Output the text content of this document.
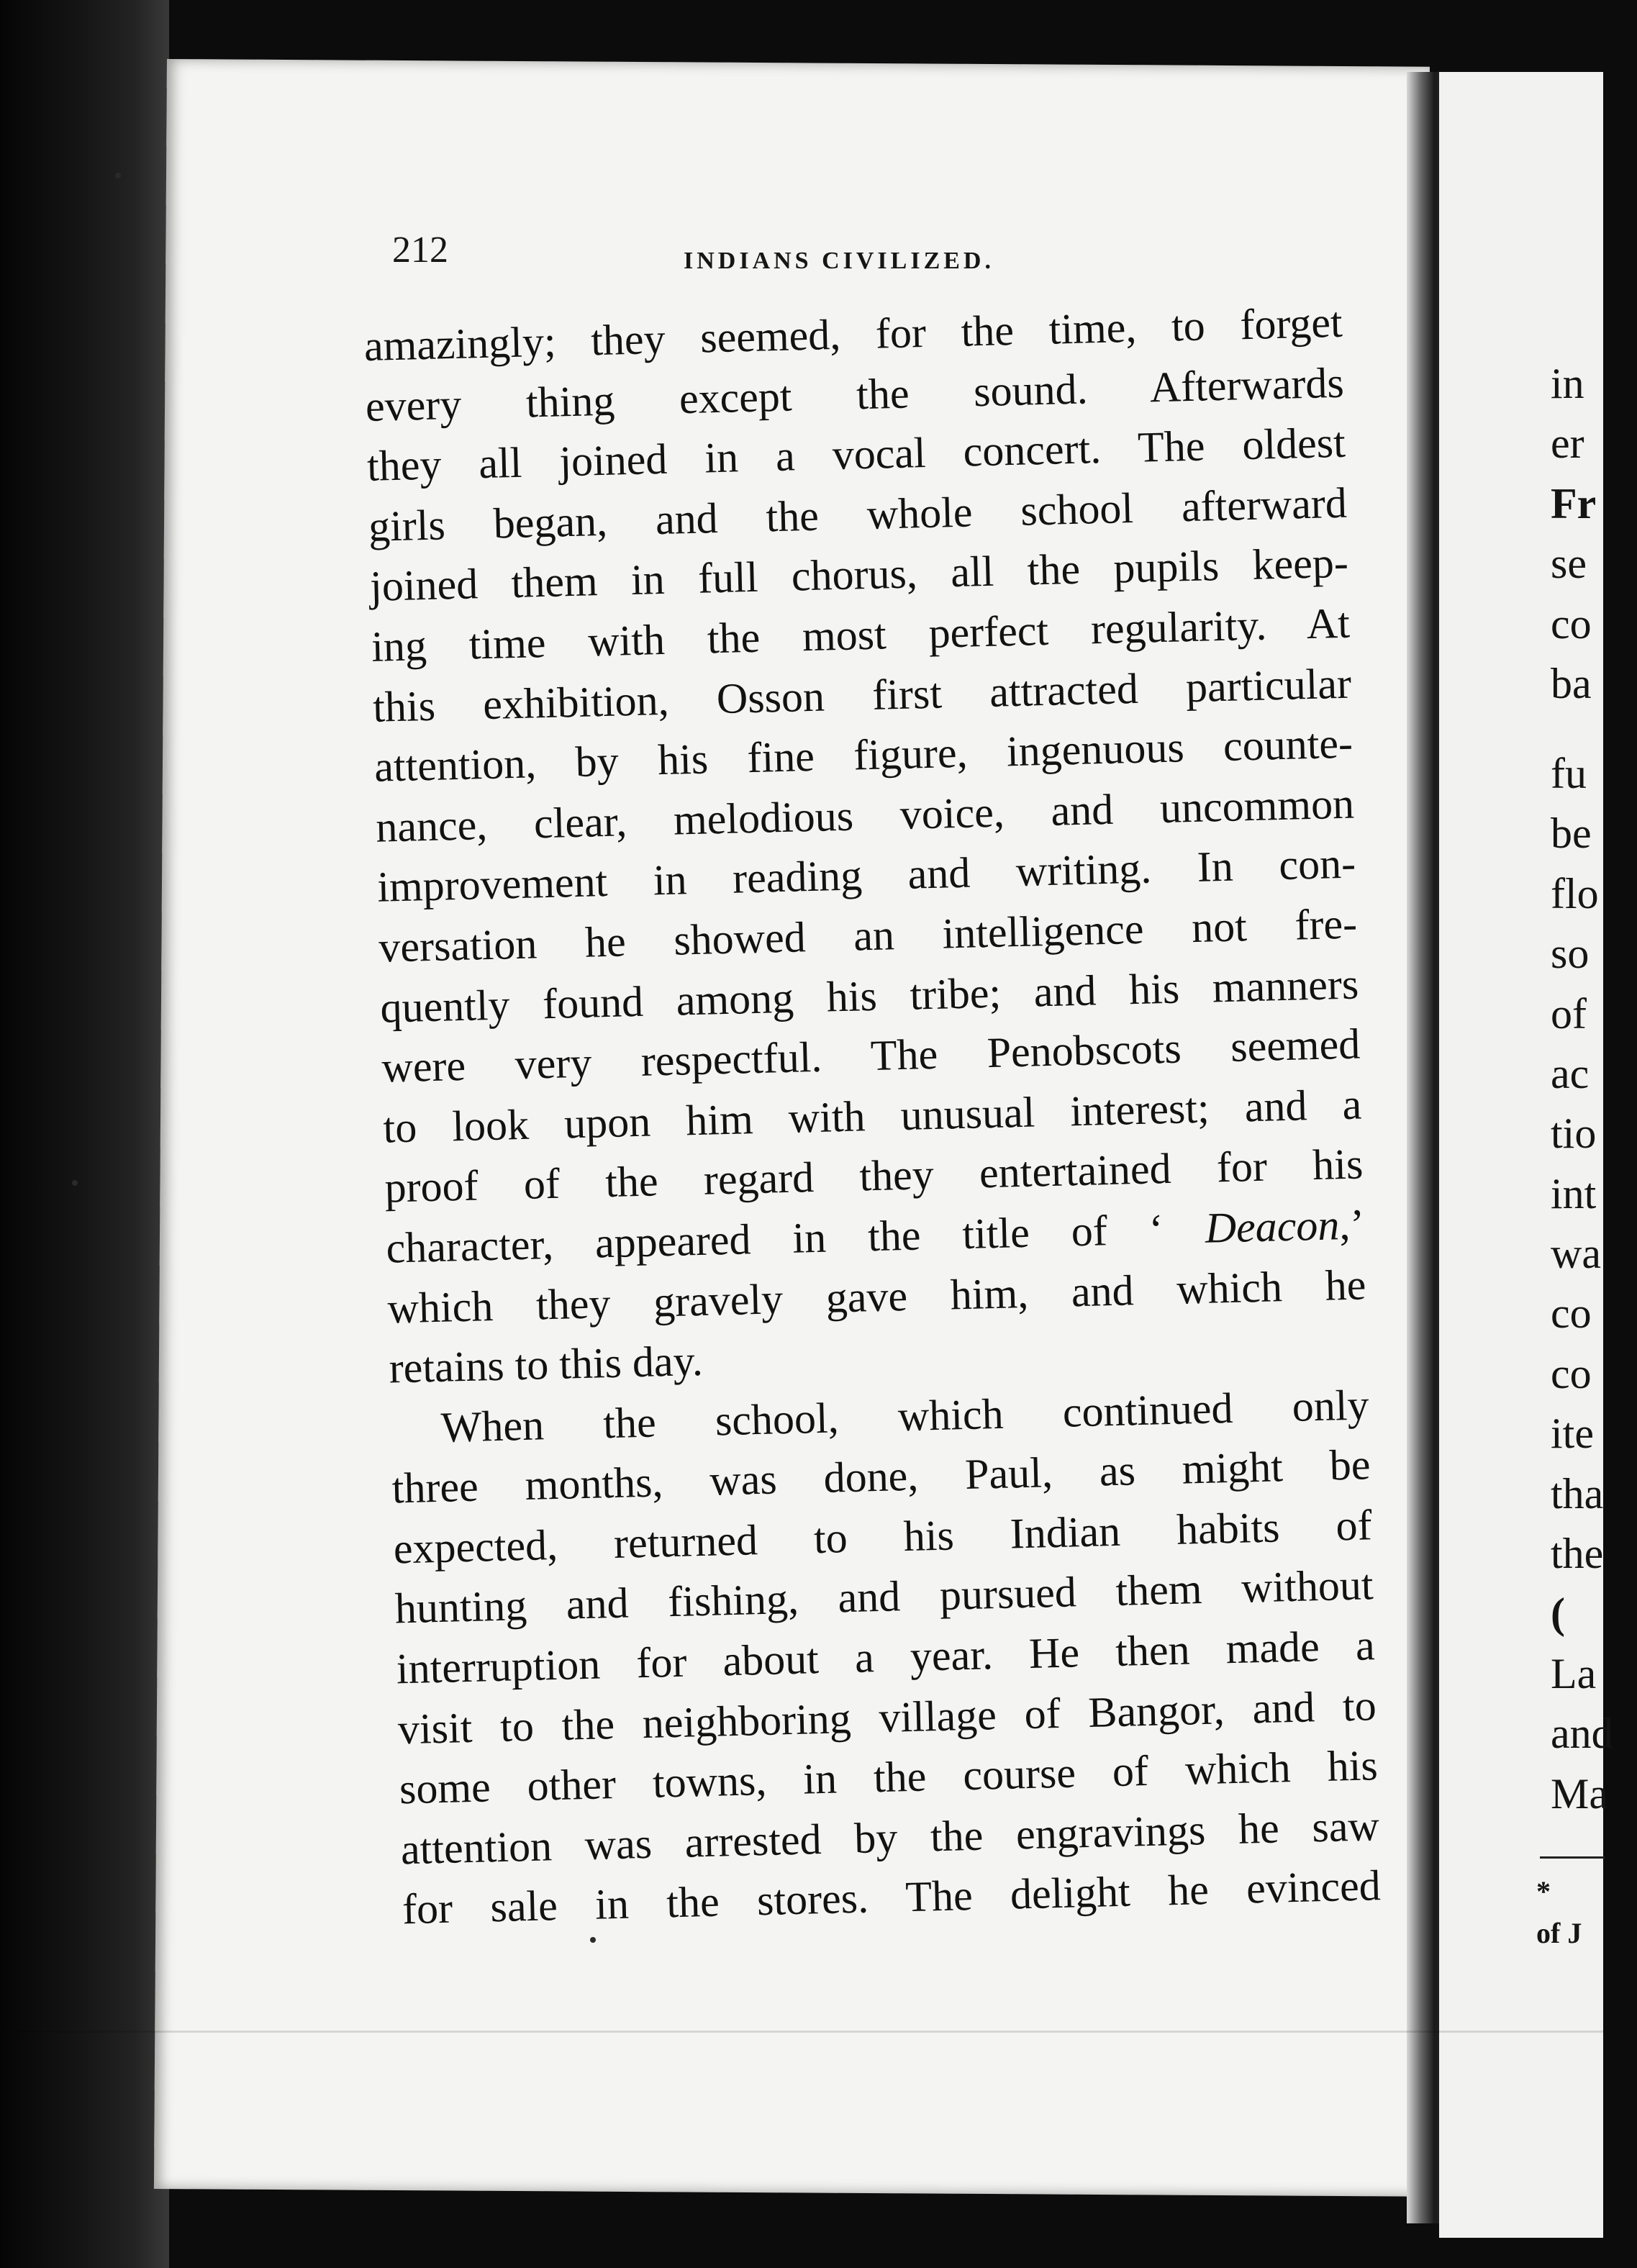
212	INDIANS CIVILIZED.
amazingly; they seemed, for the time, to forget
every thing except the sound. Afterwards
they all joined in a vocal concert. The oldest
girls began, and the whole school afterward
joined them in full chorus, all the pupils keep-
ing time with the most perfect regularity. At
this exhibition, Osson first attracted particular
attention, by his fine figure, ingenuous counte-
nance, clear, melodious voice, and uncommon
improvement in reading and writing. In con-
versation he showed an intelligence not fre-
quently found among his tribe; and his manners
were very respectful. The Penobscots seemed
to look upon him with unusual interest; and a
proof of the regard they entertained for his
character, appeared in the title of ‘ Deacon,’
which they gravely gave him, and which he
retains to this day.
When the school, which continued only
three months, was done, Paul, as might be
expected, returned to his Indian habits of
hunting and fishing, and pursued them without
interruption for about a year. He then made a
visit to the neighboring village of Bangor, and to
some other towns, in the course of which his
attention was arrested by the engravings he saw
for sale in the stores. The delight he evinced
in
er
Fr
se
co
ba
fu
be
flo
so
of
ac
tio
int
wa
co
co
ite
tha
the
(
La
and
Ma
*
of J
